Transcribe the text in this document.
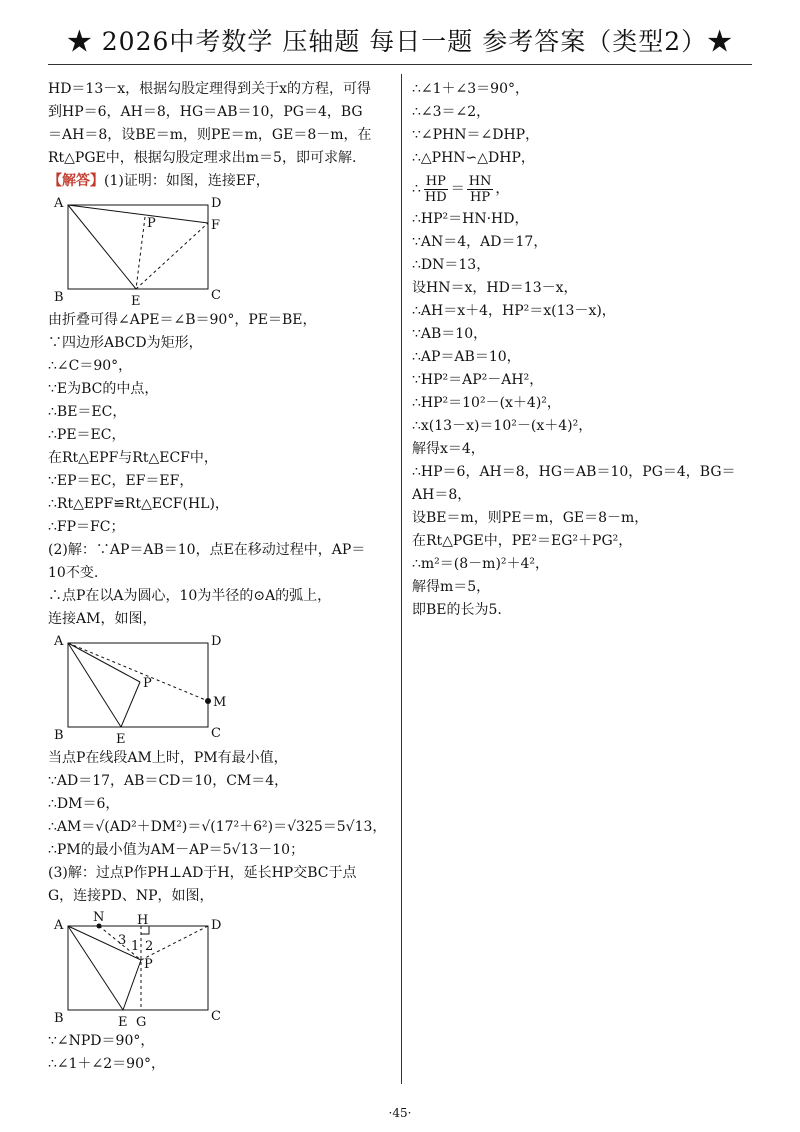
★ 2026中考数学 压轴题 每日一题 参考答案（类型2）★
HD＝13－x，根据勾股定理得到关于x的方程，可得
到HP＝6，AH＝8，HG＝AB＝10，PG＝4，BG
＝AH＝8，设BE＝m，则PE＝m，GE＝8－m，在
Rt△PGE中，根据勾股定理求出m＝5，即可求解.
【解答】(1)证明：如图，连接EF，
A	D
P	F
B	E	C
由折叠可得∠APE＝∠B＝90°，PE＝BE，
∵四边形ABCD为矩形，
∴∠C＝90°，
∵E为BC的中点，
∴BE＝EC，
∴PE＝EC，
在Rt△EPF与Rt△ECF中，
∵EP＝EC，EF＝EF，
∴Rt△EPF≌Rt△ECF(HL)，
∴FP＝FC；
(2)解：∵AP＝AB＝10，点E在移动过程中，AP＝
10不变.
∴点P在以A为圆心，10为半径的⊙A的弧上，
连接AM，如图，
A	D
P
M
B	E	C
当点P在线段AM上时，PM有最小值，
∵AD＝17，AB＝CD＝10，CM＝4，
∴DM＝6，
∴AM＝√(AD²＋DM²)＝√(17²＋6²)＝√325＝5√13，
∴PM的最小值为AM－AP＝5√13－10；
(3)解：过点P作PH⊥AD于H，延长HP交BC于点
G，连接PD、NP，如图，
N	H
A	D
3 1 2
P
B	E G	C
∵∠NPD＝90°，
∴∠1＋∠2＝90°，
∴∠1＋∠3＝90°，
∴∠3＝∠2，
∵∠PHN＝∠DHP，
∴△PHN∽△DHP，
∴ $\frac{HP}{HD} = \frac{HN}{HP}$ ，
∴HP²＝HN·HD，
∵AN＝4，AD＝17，
∴DN＝13，
设HN＝x，HD＝13－x，
∴AH＝x＋4，HP²＝x(13－x)，
∵AB＝10，
∴AP＝AB＝10，
∵HP²＝AP²－AH²，
∴HP²＝10²－(x＋4)²，
∴x(13－x)＝10²－(x＋4)²，
解得x＝4，
∴HP＝6，AH＝8，HG＝AB＝10，PG＝4，BG＝
AH＝8，
设BE＝m，则PE＝m，GE＝8－m，
在Rt△PGE中，PE²＝EG²＋PG²，
∴m²＝(8－m)²＋4²，
解得m＝5，
即BE的长为5.
·45·
